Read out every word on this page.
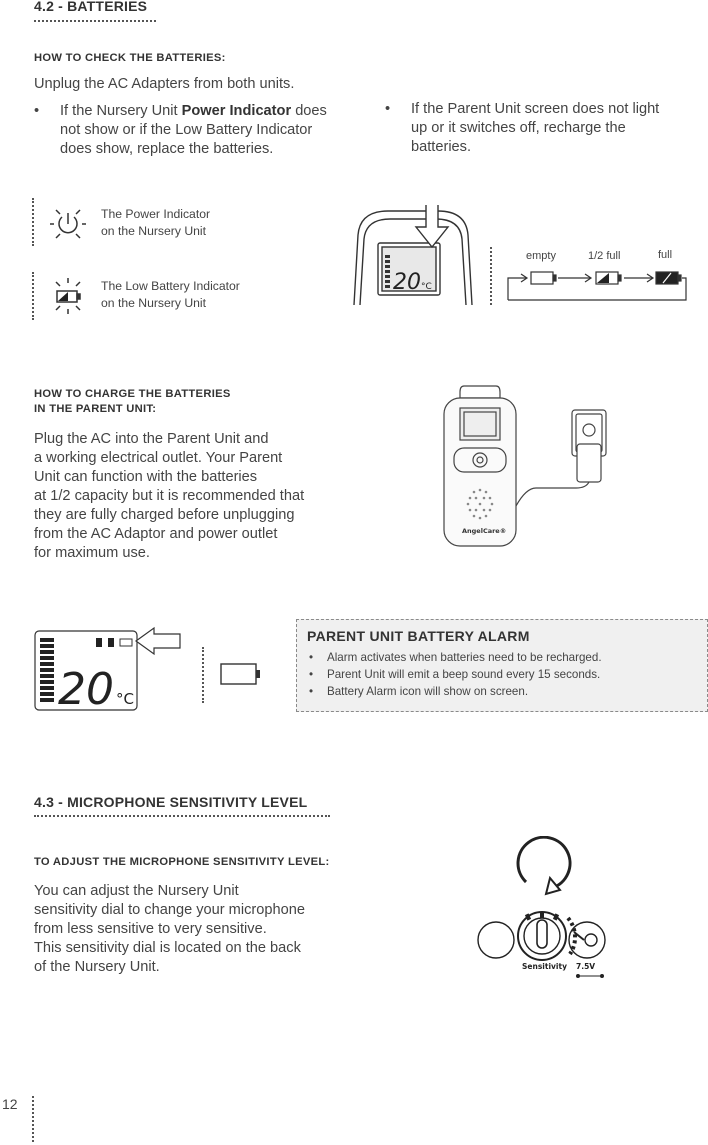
4.2 - BATTERIES
HOW TO CHECK THE BATTERIES:
Unplug the AC Adapters from both units.
• If the Nursery Unit Power Indicator does not show or if the Low Battery Indicator does show, replace the batteries.
• If the Parent Unit screen does not light up or it switches off, recharge the batteries.
The Power Indicator
on the Nursery Unit
The Low Battery Indicator
on the Nursery Unit
20 °C
empty	1/2 full	full
HOW TO CHARGE THE BATTERIES
IN THE PARENT UNIT:
Plug the AC into the Parent Unit and
a working electrical outlet. Your Parent
Unit can function with the batteries
at 1/2 capacity but it is recommended that
they are fully charged before unplugging
from the AC Adaptor and power outlet
for maximum use.
AngelCare®
20 °C
PARENT UNIT BATTERY ALARM
• Alarm activates when batteries need to be recharged.
• Parent Unit will emit a beep sound every 15 seconds.
• Battery Alarm icon will show on screen.
4.3 - MICROPHONE SENSITIVITY LEVEL
TO ADJUST THE MICROPHONE SENSITIVITY LEVEL:
You can adjust the Nursery Unit
sensitivity dial to change your microphone
from less sensitive to very sensitive.
This sensitivity dial is located on the back
of the Nursery Unit.	Sensitivity 7.5V
12
